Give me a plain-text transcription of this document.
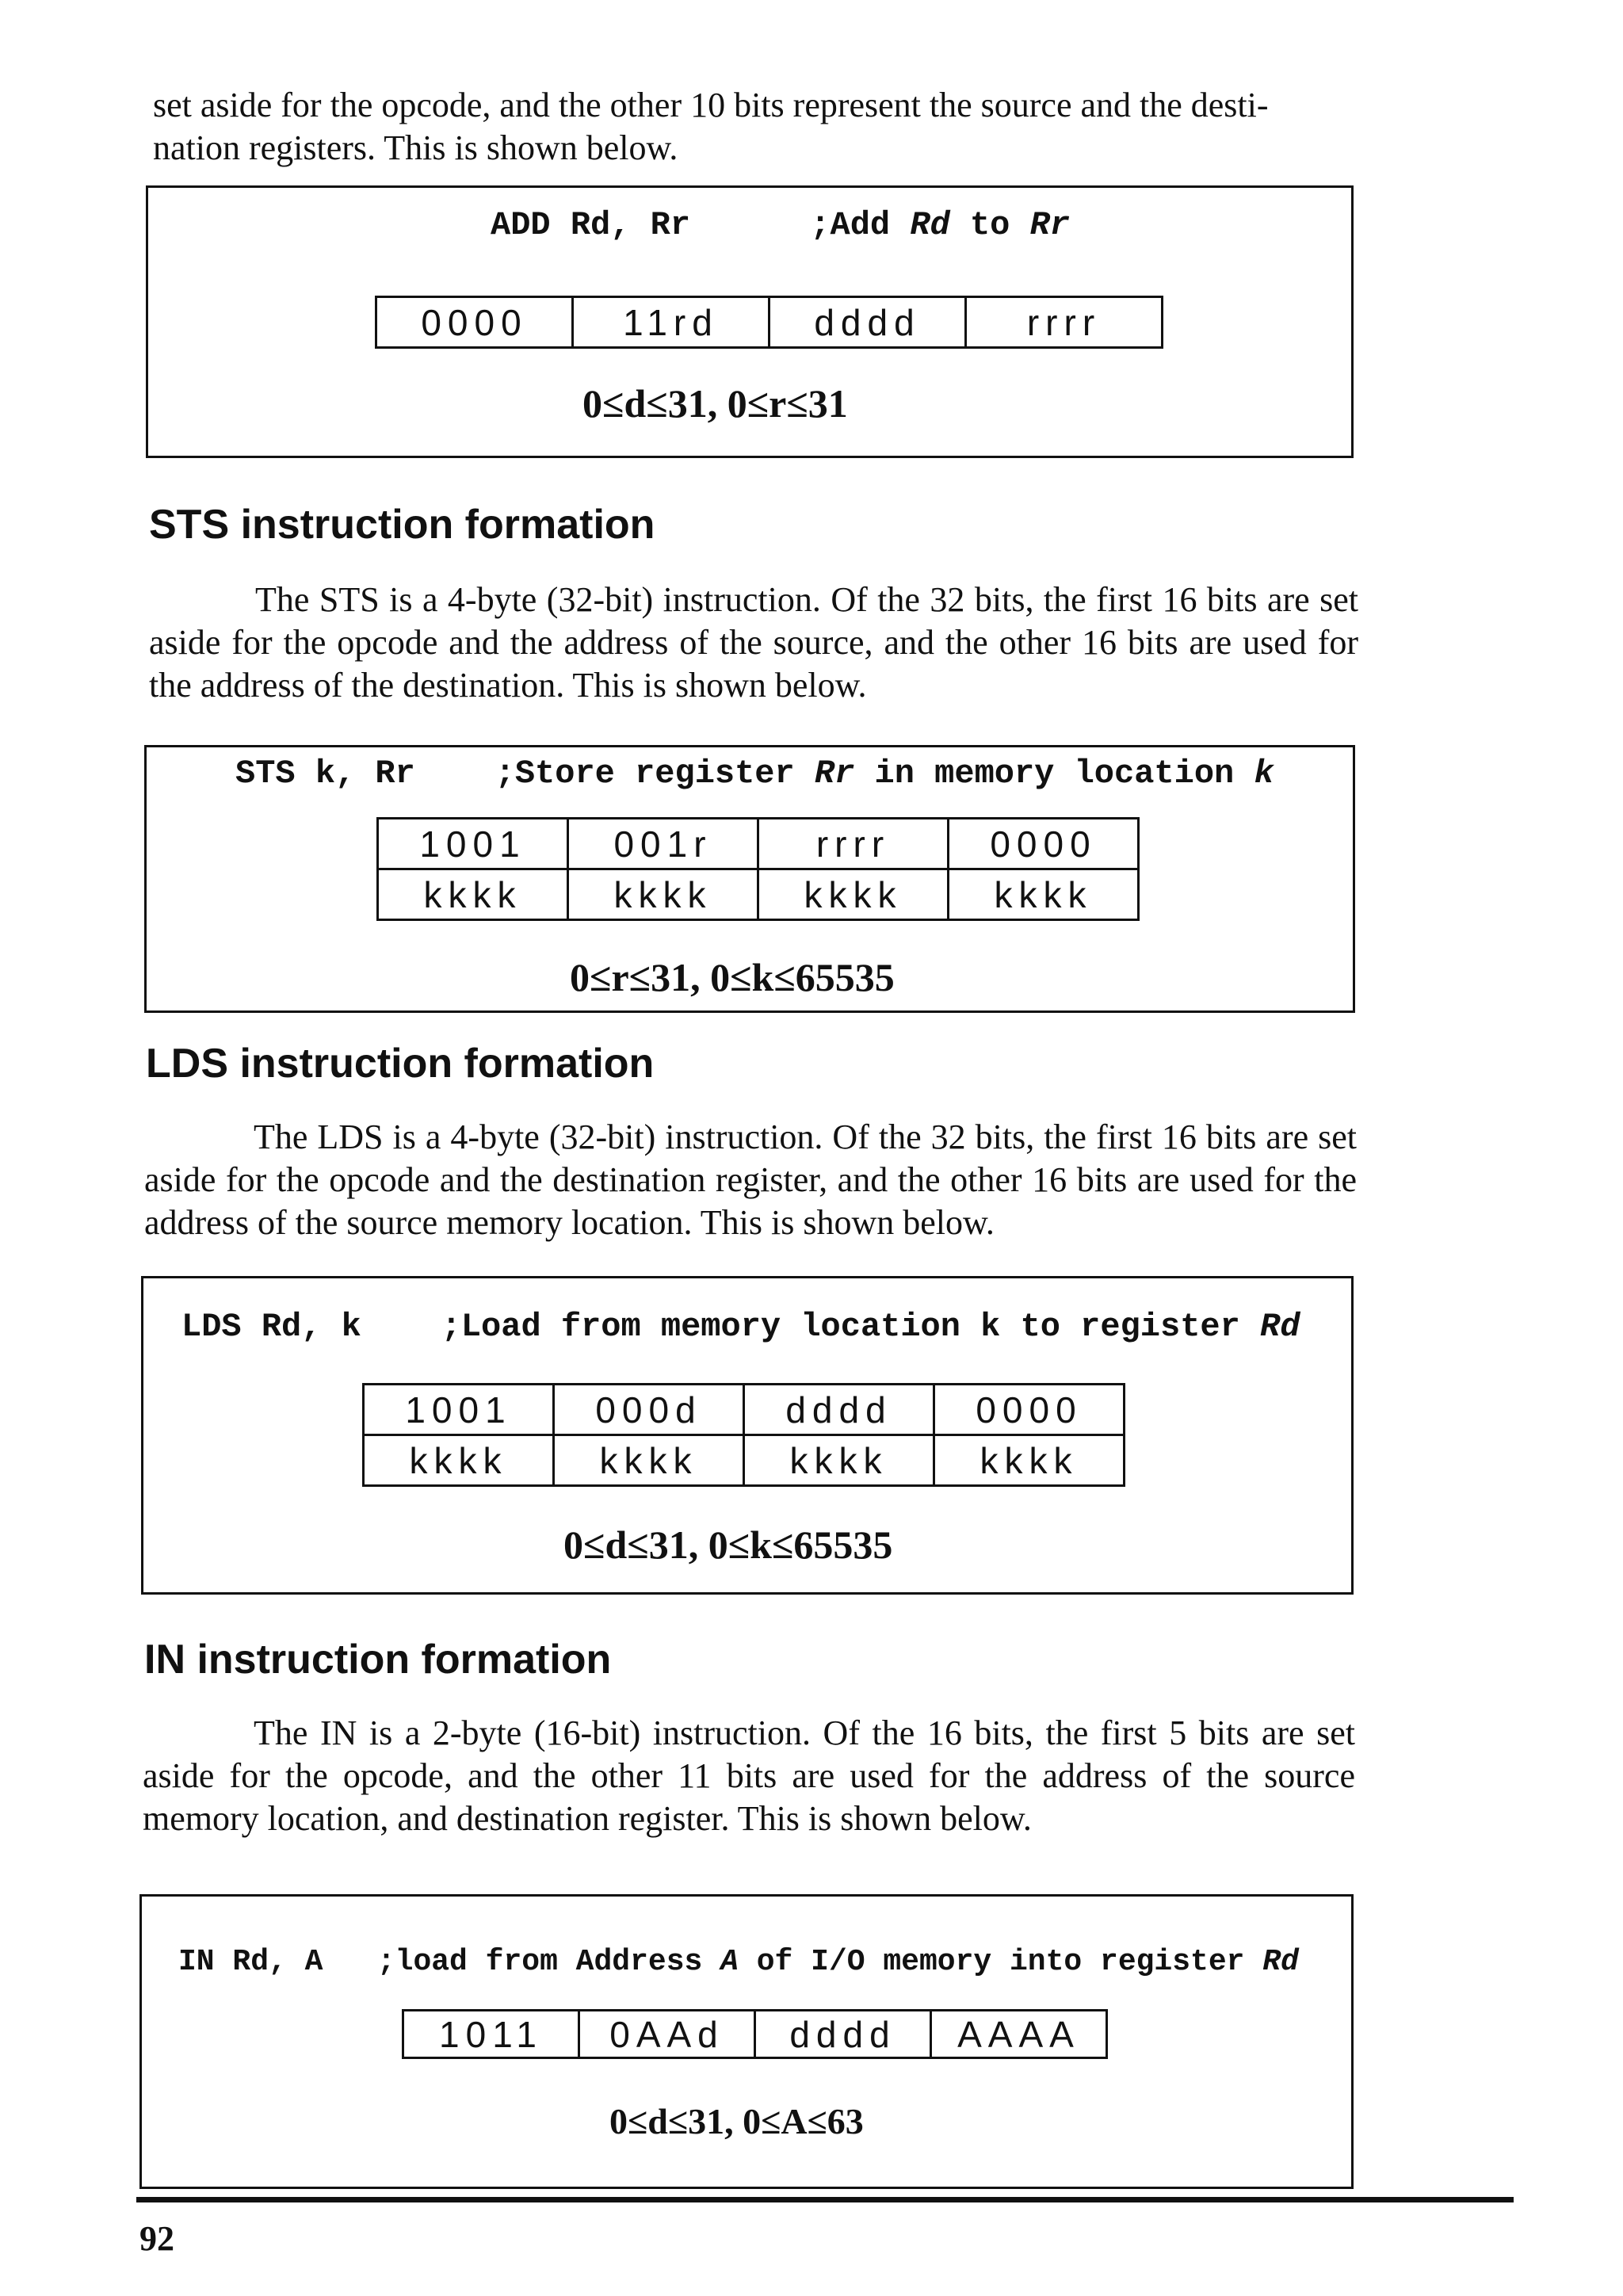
set aside for the opcode, and the other 10 bits represent the source and the desti-
nation registers. This is shown below.

ADD Rd, Rr	;Add Rd to Rr
0000	11rd	dddd	rrrr
0≤d≤31, 0≤r≤31
STS instruction formation

The STS is a 4-byte (32-bit) instruction. Of the 32 bits, the first 16 bits are set aside for the opcode and the address of the source, and the other 16 bits are used for the address of the destination. This is shown below.

STS k, Rr    ;Store register Rr in memory location k
1001	001r	rrrr	0000
kkkk	kkkk	kkkk	kkkk
0≤r≤31, 0≤k≤65535
LDS instruction formation

The LDS is a 4-byte (32-bit) instruction. Of the 32 bits, the first 16 bits are set aside for the opcode and the destination register, and the other 16 bits are used for the address of the source memory location. This is shown below.

LDS Rd, k    ;Load from memory location k to register Rd
1001	000d	dddd	0000
kkkk	kkkk	kkkk	kkkk
0≤d≤31, 0≤k≤65535
IN instruction formation

The IN is a 2-byte (16-bit) instruction. Of the 16 bits, the first 5 bits are set aside for the opcode, and the other 11 bits are used for the address of the source memory location, and destination register. This is shown below.

IN Rd, A   ;load from Address A of I/O memory into register Rd
1011	0AAd	dddd	AAAA
0≤d≤31, 0≤A≤63
92
